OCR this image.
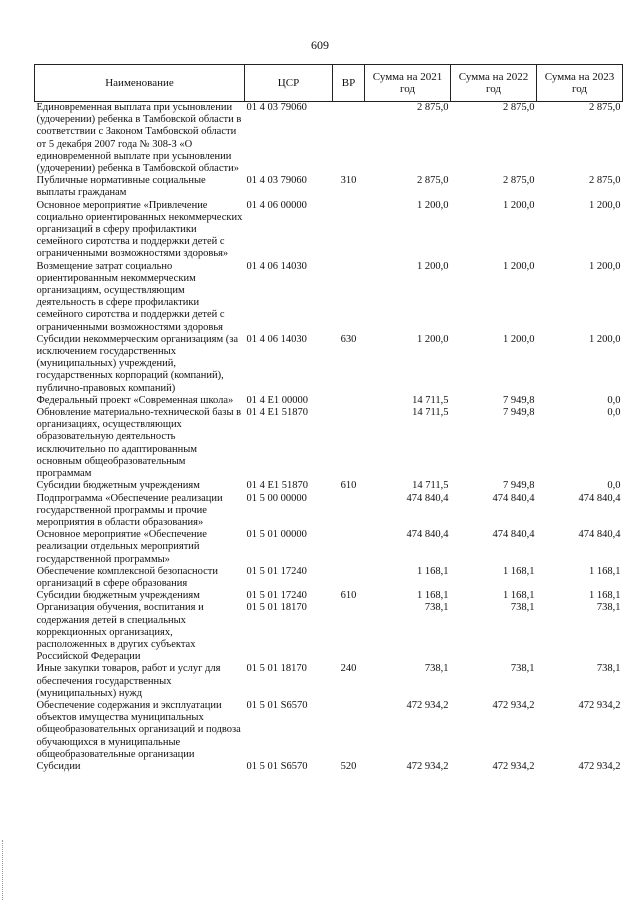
609
Наименование	ЦСР	ВР	Сумма на 2021 год	Сумма на 2022 год	Сумма на 2023 год
Единовременная выплата при усыновлении (удочерении) ребенка в Тамбовской области в соответствии с Законом Тамбовской области от 5 декабря 2007 года № 308-З «О единовременной выплате при усыновлении (удочерении) ребенка в Тамбовской области»	01 4 03 79060		2 875,0	2 875,0	2 875,0
Публичные нормативные социальные выплаты гражданам	01 4 03 79060	310	2 875,0	2 875,0	2 875,0
Основное мероприятие «Привлечение социально ориентированных некоммерческих организаций в сферу профилактики семейного сиротства и поддержки детей с ограниченными возможностями здоровья»	01 4 06 00000		1 200,0	1 200,0	1 200,0
Возмещение затрат социально ориентированным некоммерческим организациям, осуществляющим деятельность в сфере профилактики семейного сиротства и поддержки детей с ограниченными возможностями здоровья	01 4 06 14030		1 200,0	1 200,0	1 200,0
Субсидии некоммерческим организациям (за исключением государственных (муниципальных) учреждений, государственных корпораций (компаний), публично-правовых компаний)	01 4 06 14030	630	1 200,0	1 200,0	1 200,0
Федеральный проект «Современная школа»	01 4 E1 00000		14 711,5	7 949,8	0,0
Обновление материально-технической базы в организациях, осуществляющих образовательную деятельность исключительно по адаптированным основным общеобразовательным программам	01 4 E1 51870		14 711,5	7 949,8	0,0
Субсидии бюджетным учреждениям	01 4 E1 51870	610	14 711,5	7 949,8	0,0
Подпрограмма «Обеспечение реализации государственной программы и прочие мероприятия в области образования»	01 5 00 00000		474 840,4	474 840,4	474 840,4
Основное мероприятие «Обеспечение реализации отдельных мероприятий государственной программы»	01 5 01 00000		474 840,4	474 840,4	474 840,4
Обеспечение комплексной безопасности организаций в сфере образования	01 5 01 17240		1 168,1	1 168,1	1 168,1
Субсидии бюджетным учреждениям	01 5 01 17240	610	1 168,1	1 168,1	1 168,1
Организация обучения, воспитания и содержания детей в специальных коррекционных организациях, расположенных в других субъектах Российской Федерации	01 5 01 18170		738,1	738,1	738,1
Иные закупки товаров, работ и услуг для обеспечения государственных (муниципальных) нужд	01 5 01 18170	240	738,1	738,1	738,1
Обеспечение содержания и эксплуатации объектов имущества муниципальных общеобразовательных организаций и подвоза обучающихся в муниципальные общеобразовательные организации	01 5 01 S6570		472 934,2	472 934,2	472 934,2
Субсидии	01 5 01 S6570	520	472 934,2	472 934,2	472 934,2
